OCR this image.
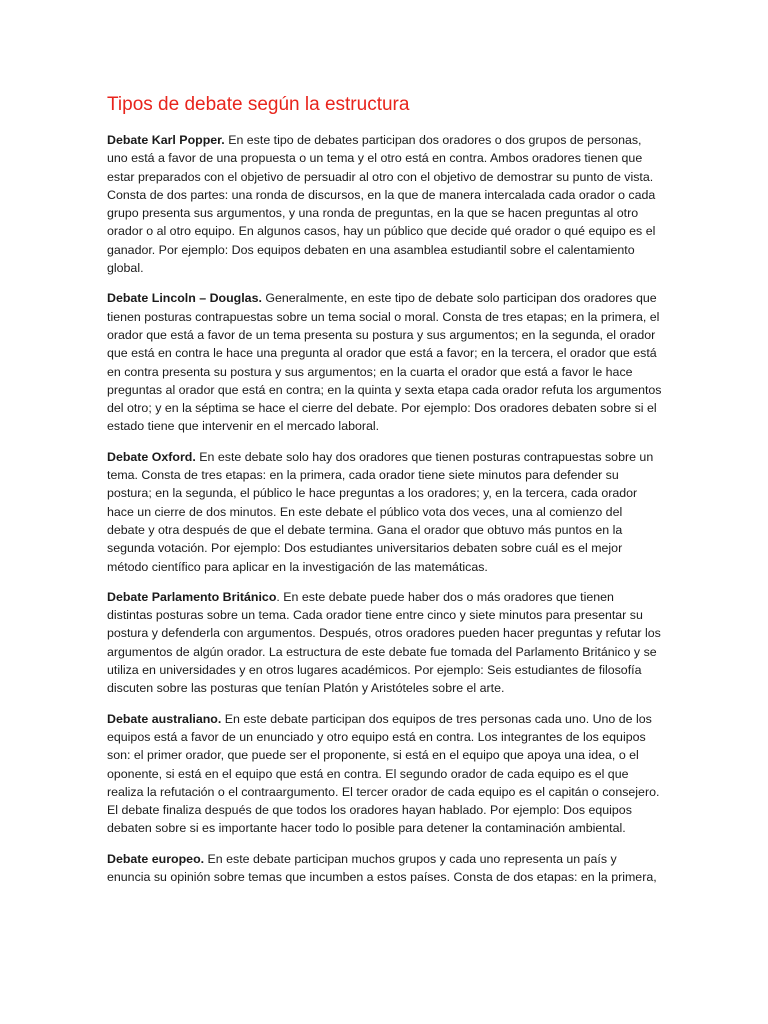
Tipos de debate según la estructura

Debate Karl Popper. En este tipo de debates participan dos oradores o dos grupos de personas, uno está a favor de una propuesta o un tema y el otro está en contra. Ambos oradores tienen que estar preparados con el objetivo de persuadir al otro con el objetivo de demostrar su punto de vista. Consta de dos partes: una ronda de discursos, en la que de manera intercalada cada orador o cada grupo presenta sus argumentos, y una ronda de preguntas, en la que se hacen preguntas al otro orador o al otro equipo. En algunos casos, hay un público que decide qué orador o qué equipo es el ganador. Por ejemplo: Dos equipos debaten en una asamblea estudiantil sobre el calentamiento global.

Debate Lincoln – Douglas. Generalmente, en este tipo de debate solo participan dos oradores que tienen posturas contrapuestas sobre un tema social o moral. Consta de tres etapas; en la primera, el orador que está a favor de un tema presenta su postura y sus argumentos; en la segunda, el orador que está en contra le hace una pregunta al orador que está a favor; en la tercera, el orador que está en contra presenta su postura y sus argumentos; en la cuarta el orador que está a favor le hace preguntas al orador que está en contra; en la quinta y sexta etapa cada orador refuta los argumentos del otro; y en la séptima se hace el cierre del debate. Por ejemplo: Dos oradores debaten sobre si el estado tiene que intervenir en el mercado laboral.

Debate Oxford. En este debate solo hay dos oradores que tienen posturas contrapuestas sobre un tema. Consta de tres etapas: en la primera, cada orador tiene siete minutos para defender su postura; en la segunda, el público le hace preguntas a los oradores; y, en la tercera, cada orador hace un cierre de dos minutos. En este debate el público vota dos veces, una al comienzo del debate y otra después de que el debate termina. Gana el orador que obtuvo más puntos en la segunda votación. Por ejemplo: Dos estudiantes universitarios debaten sobre cuál es el mejor método científico para aplicar en la investigación de las matemáticas.

Debate Parlamento Británico. En este debate puede haber dos o más oradores que tienen distintas posturas sobre un tema. Cada orador tiene entre cinco y siete minutos para presentar su postura y defenderla con argumentos. Después, otros oradores pueden hacer preguntas y refutar los argumentos de algún orador. La estructura de este debate fue tomada del Parlamento Británico y se utiliza en universidades y en otros lugares académicos. Por ejemplo: Seis estudiantes de filosofía discuten sobre las posturas que tenían Platón y Aristóteles sobre el arte.

Debate australiano. En este debate participan dos equipos de tres personas cada uno. Uno de los equipos está a favor de un enunciado y otro equipo está en contra. Los integrantes de los equipos son: el primer orador, que puede ser el proponente, si está en el equipo que apoya una idea, o el oponente, si está en el equipo que está en contra. El segundo orador de cada equipo es el que realiza la refutación o el contraargumento. El tercer orador de cada equipo es el capitán o consejero. El debate finaliza después de que todos los oradores hayan hablado. Por ejemplo: Dos equipos debaten sobre si es importante hacer todo lo posible para detener la contaminación ambiental.

Debate europeo. En este debate participan muchos grupos y cada uno representa un país y enuncia su opinión sobre temas que incumben a estos países. Consta de dos etapas: en la primera,
